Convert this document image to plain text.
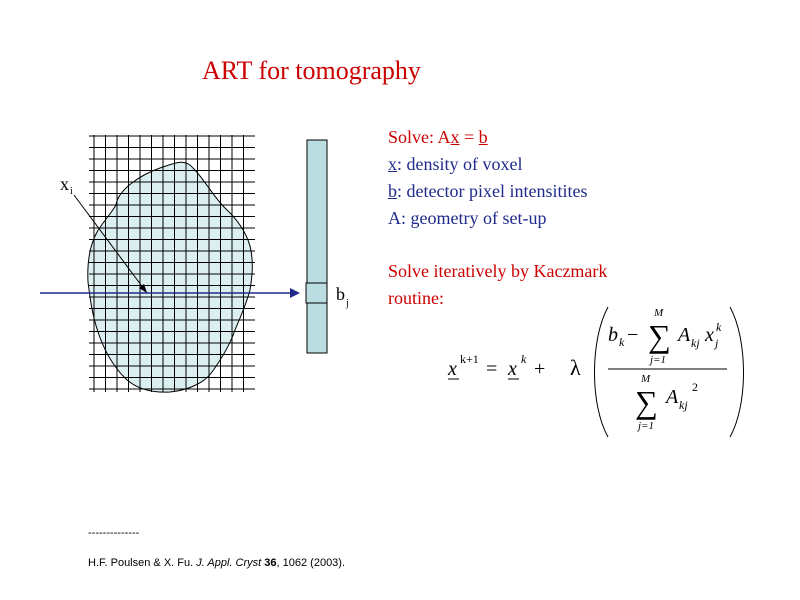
ART for tomography
x i
b j
Solve: Ax = b
x: density of voxel
b: detector pixel intensitites
A: geometry of set-up
Solve iteratively by Kaczmark
routine:
x k+1 = x k + λ
b k − ∑
M
j=1
A kj x j
k
∑
M
j=1
A kj
2
--------------
H.F. Poulsen & X. Fu. J. Appl. Cryst 36, 1062 (2003).
